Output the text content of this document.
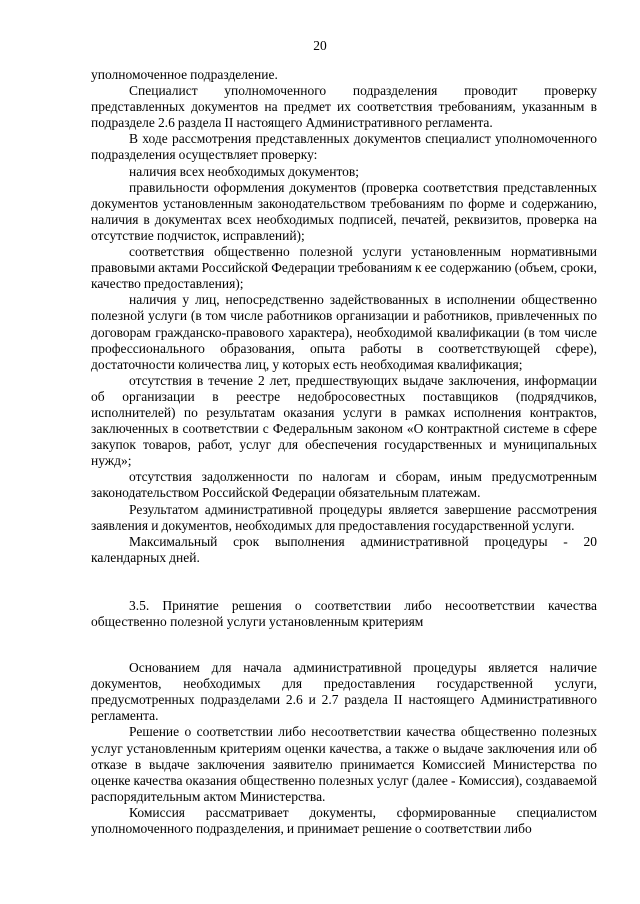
20

уполномоченное подразделение.

Специалист уполномоченного подразделения проводит проверку представленных документов на предмет их соответствия требованиям, указанным в подразделе 2.6 раздела II настоящего Административного регламента.

В ходе рассмотрения представленных документов специалист уполномоченного подразделения осуществляет проверку:

наличия всех необходимых документов;

правильности оформления документов (проверка соответствия представленных документов установленным законодательством требованиям по форме и содержанию, наличия в документах всех необходимых подписей, печатей, реквизитов, проверка на отсутствие подчисток, исправлений);

соответствия общественно полезной услуги установленным нормативными правовыми актами Российской Федерации требованиям к ее содержанию (объем, сроки, качество предоставления);

наличия у лиц, непосредственно задействованных в исполнении общественно полезной услуги (в том числе работников организации и работников, привлеченных по договорам гражданско-правового характера), необходимой квалификации (в том числе профессионального образования, опыта работы в соответствующей сфере), достаточности количества лиц, у которых есть необходимая квалификация;

отсутствия в течение 2 лет, предшествующих выдаче заключения, информации об организации в реестре недобросовестных поставщиков (подрядчиков, исполнителей) по результатам оказания услуги в рамках исполнения контрактов, заключенных в соответствии с Федеральным законом «О контрактной системе в сфере закупок товаров, работ, услуг для обеспечения государственных и муниципальных нужд»;

отсутствия задолженности по налогам и сборам, иным предусмотренным законодательством Российской Федерации обязательным платежам.

Результатом административной процедуры является завершение рассмотрения заявления и документов, необходимых для предоставления государственной услуги.

Максимальный срок выполнения административной процедуры - 20 календарных дней.

3.5. Принятие решения о соответствии либо несоответствии качества общественно полезной услуги установленным критериям

Основанием для начала административной процедуры является наличие документов, необходимых для предоставления государственной услуги, предусмотренных подразделами 2.6 и 2.7 раздела II настоящего Административного регламента.

Решение о соответствии либо несоответствии качества общественно полезных услуг установленным критериям оценки качества, а также о выдаче заключения или об отказе в выдаче заключения заявителю принимается Комиссией Министерства по оценке качества оказания общественно полезных услуг (далее - Комиссия), создаваемой распорядительным актом Министерства.

Комиссия рассматривает документы, сформированные специалистом уполномоченного подразделения, и принимает решение о соответствии либо
